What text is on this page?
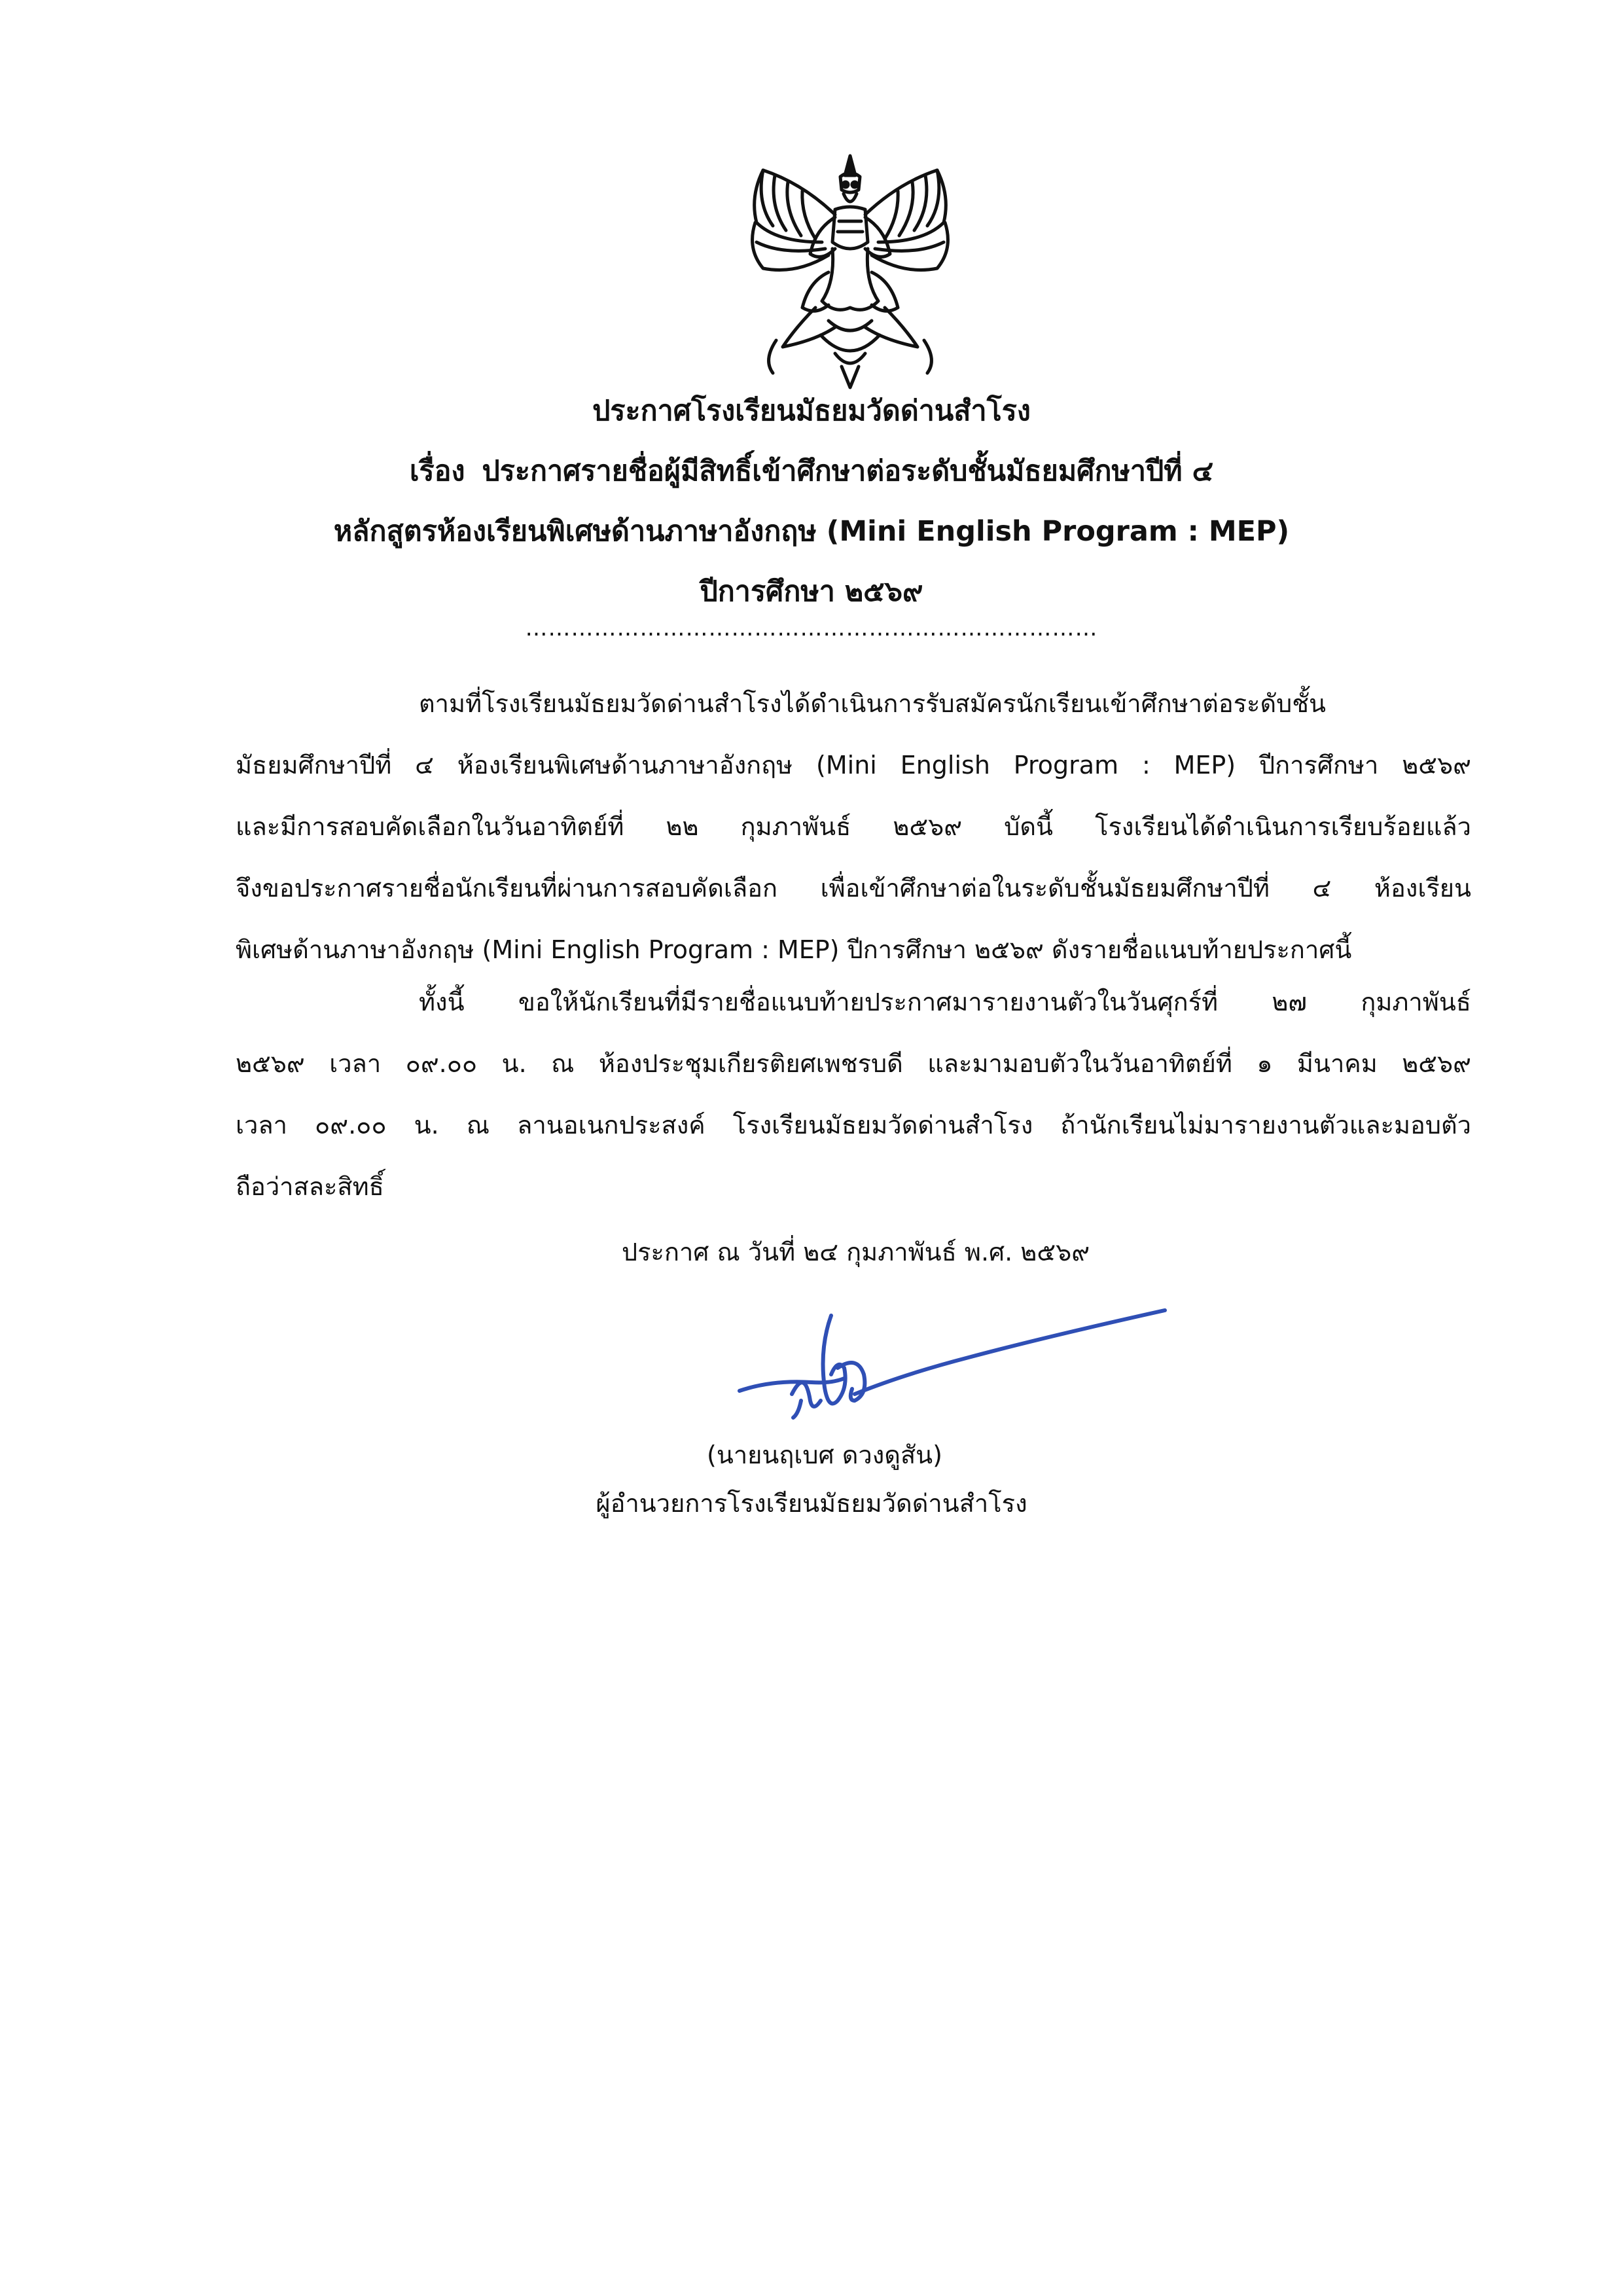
ประกาศโรงเรียนมัธยมวัดด่านสำโรง
เรื่อง ประกาศรายชื่อผู้มีสิทธิ์เข้าศึกษาต่อระดับชั้นมัธยมศึกษาปีที่ ๔
หลักสูตรห้องเรียนพิเศษด้านภาษาอังกฤษ (Mini English Program : MEP)
ปีการศึกษา ๒๕๖๙
…………………………………………………………………
ตามที่โรงเรียนมัธยมวัดด่านสำโรงได้ดำเนินการรับสมัครนักเรียนเข้าศึกษาต่อระดับชั้น
มัธยมศึกษาปีที่ ๔ ห้องเรียนพิเศษด้านภาษาอังกฤษ (Mini English Program : MEP) ปีการศึกษา ๒๕๖๙
และมีการสอบคัดเลือกในวันอาทิตย์ที่ ๒๒ กุมภาพันธ์ ๒๕๖๙ บัดนี้ โรงเรียนได้ดำเนินการเรียบร้อยแล้ว
จึงขอประกาศรายชื่อนักเรียนที่ผ่านการสอบคัดเลือก เพื่อเข้าศึกษาต่อในระดับชั้นมัธยมศึกษาปีที่ ๔ ห้องเรียน
พิเศษด้านภาษาอังกฤษ (Mini English Program : MEP) ปีการศึกษา ๒๕๖๙ ดังรายชื่อแนบท้ายประกาศนี้
ทั้งนี้ ขอให้นักเรียนที่มีรายชื่อแนบท้ายประกาศมารายงานตัวในวันศุกร์ที่ ๒๗ กุมภาพันธ์
๒๕๖๙ เวลา ๐๙.๐๐ น. ณ ห้องประชุมเกียรติยศเพชรบดี และมามอบตัวในวันอาทิตย์ที่ ๑ มีนาคม ๒๕๖๙
เวลา ๐๙.๐๐ น. ณ ลานอเนกประสงค์ โรงเรียนมัธยมวัดด่านสำโรง ถ้านักเรียนไม่มารายงานตัวและมอบตัว
ถือว่าสละสิทธิ์
ประกาศ ณ วันที่ ๒๔ กุมภาพันธ์ พ.ศ. ๒๕๖๙
(นายนฤเบศ ดวงดูสัน)
ผู้อำนวยการโรงเรียนมัธยมวัดด่านสำโรง
